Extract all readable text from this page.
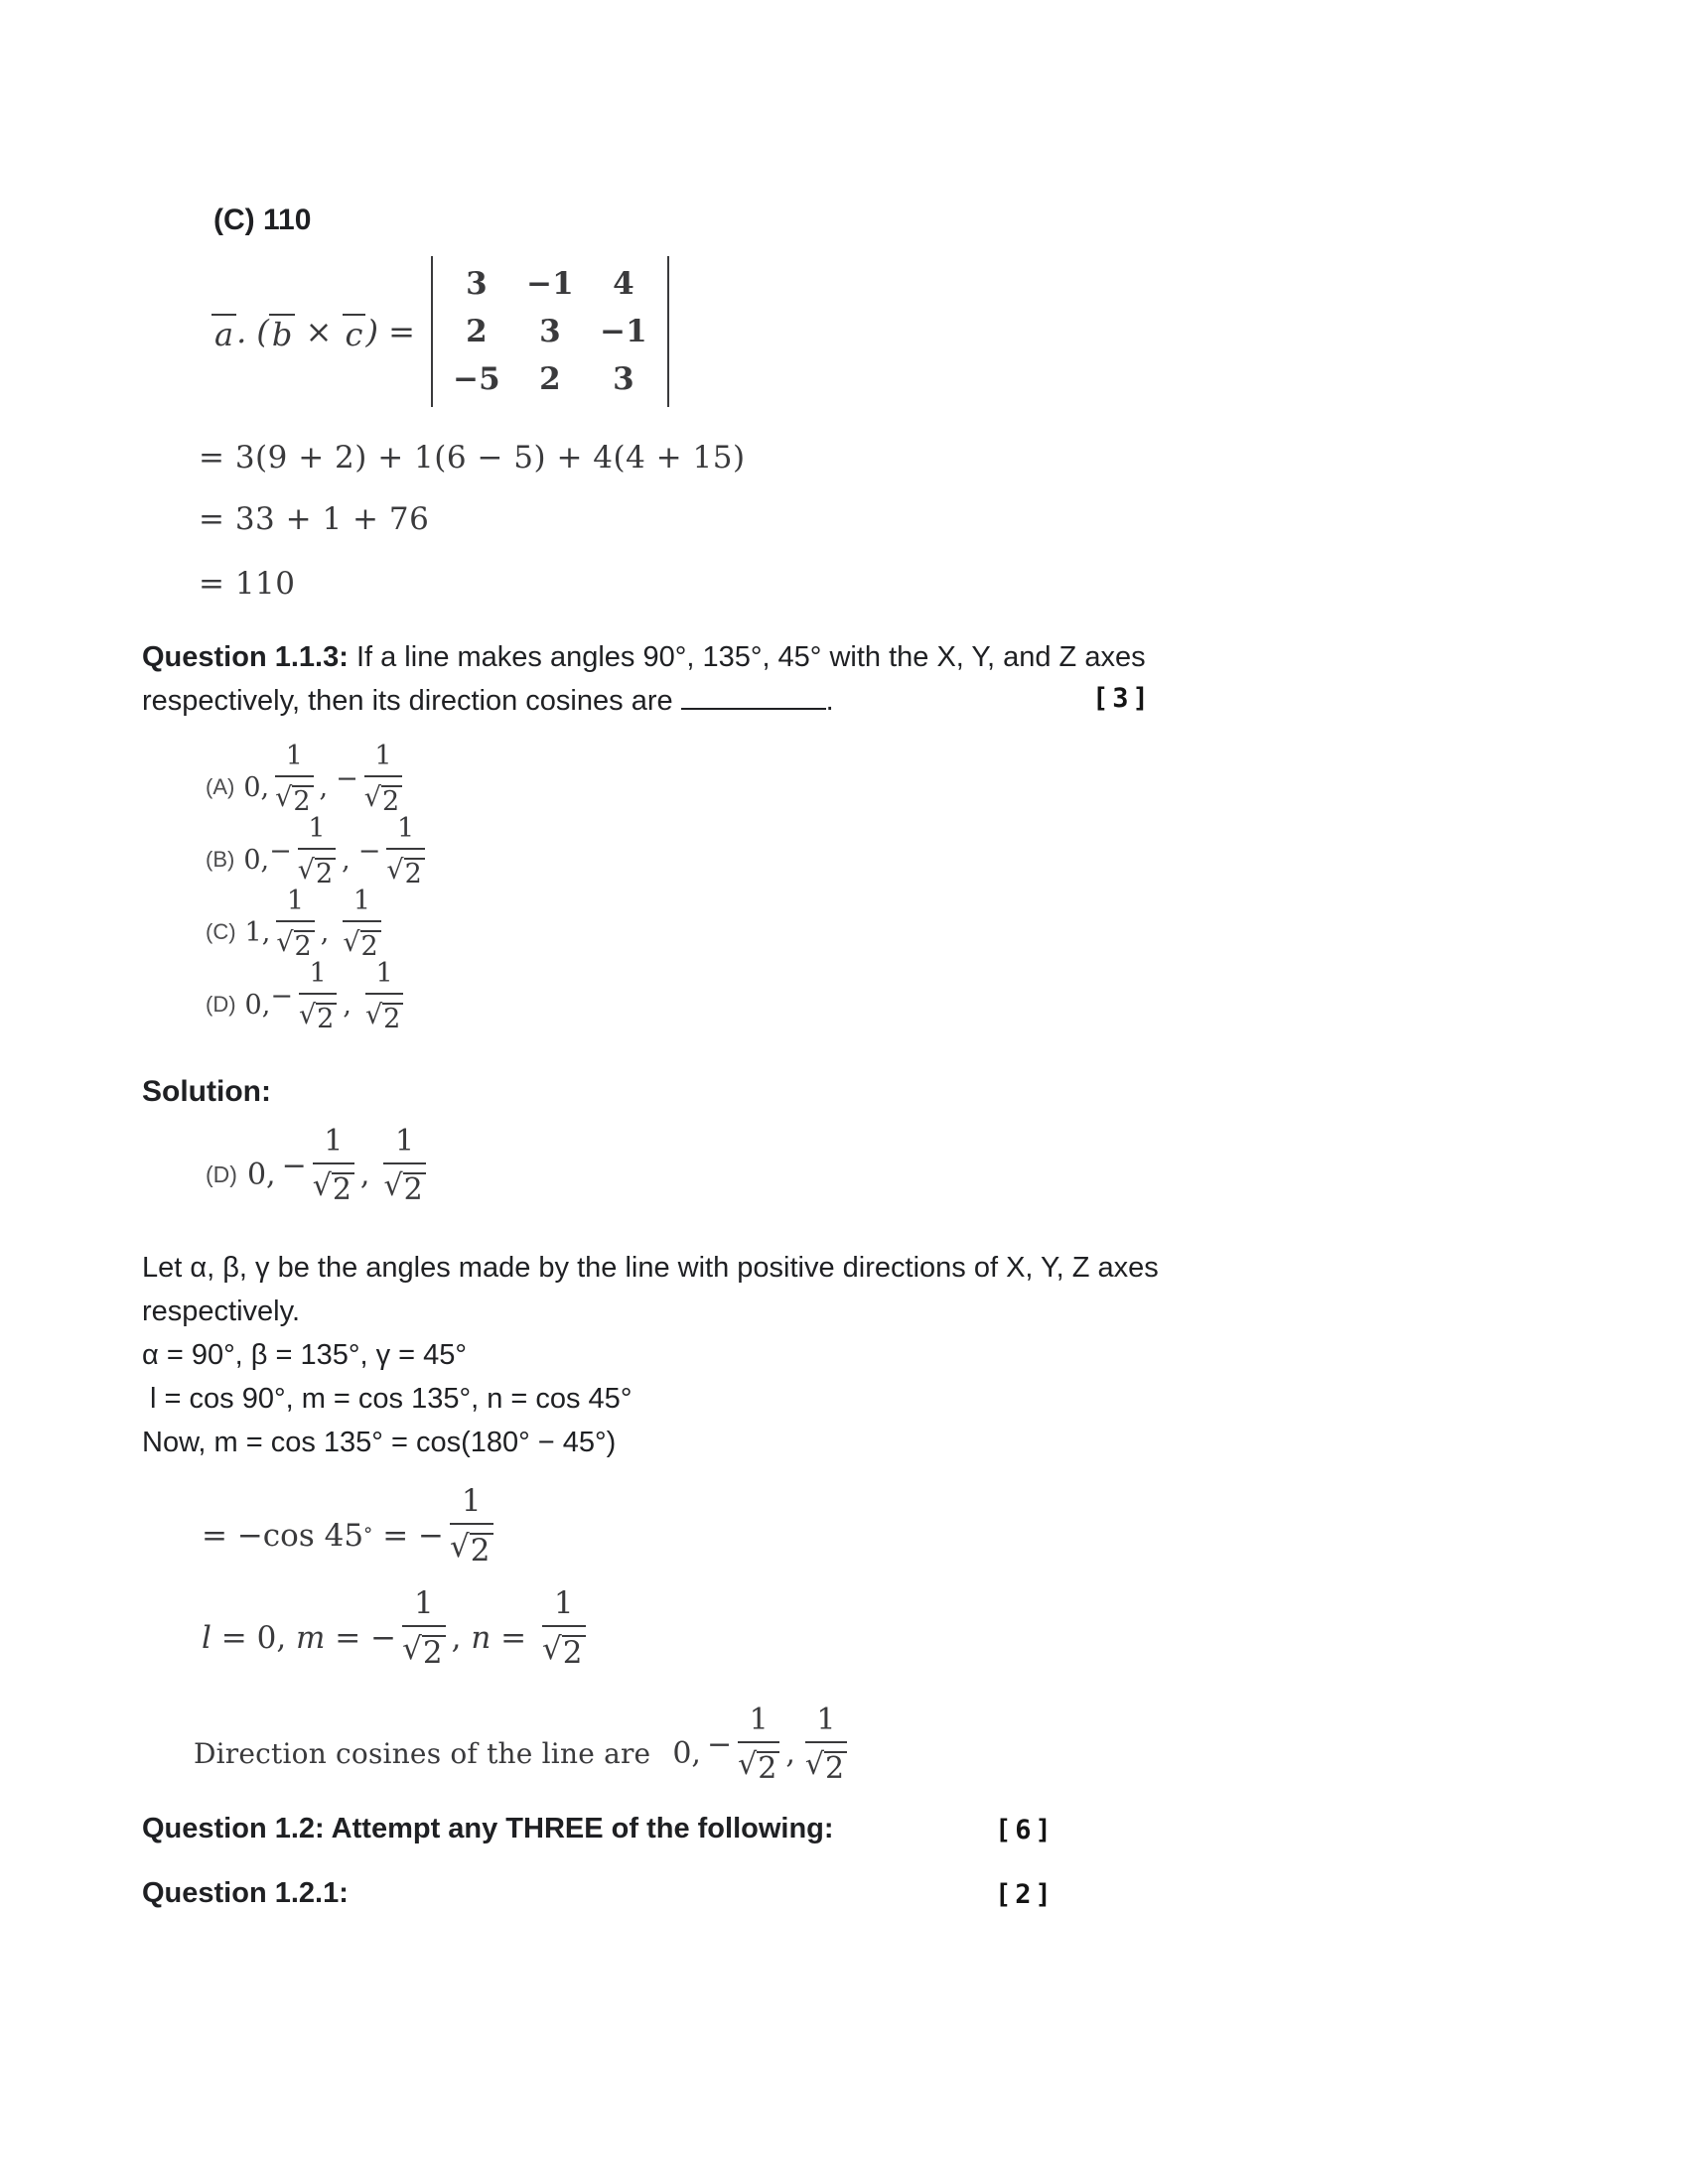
(C) 110
a . ( b × c ) =
3	−1	4
2	3	−1
−5	2	3
= 3(9 + 2) + 1(6 − 5) + 4(4 + 15)
= 33 + 1 + 76
= 110
Question 1.1.3: If a line makes angles 90°, 135°, 45° with the X, Y, and Z axes
respectively, then its direction cosines are	.	[3]
(A) 0, 1
√
2 , − 1
√
2
(B) 0, − 1
√
2 , − 1
√
2
(C) 1, 1
√
2 , 1
√
2
(D) 0, − 1
√
2 , 1
√
2
Solution:
(D) 0, − 1
√
2 , 1
√
2
Let α, β, γ be the angles made by the line with positive directions of X, Y, Z axes
respectively.
α = 90°, β = 135°, γ = 45°
l = cos 90°, m = cos 135°, n = cos 45°
Now, m = cos 135° = cos(180° − 45°)
= −cos 45 ° = − 1
√
2
l = 0, m = − 1
√
2 , n = 1
√
2
Direction cosines of the line are 0, − 1
√
2 , 1
√
2
Question 1.2: Attempt any THREE of the following:	[6]
Question 1.2.1:	[2]
